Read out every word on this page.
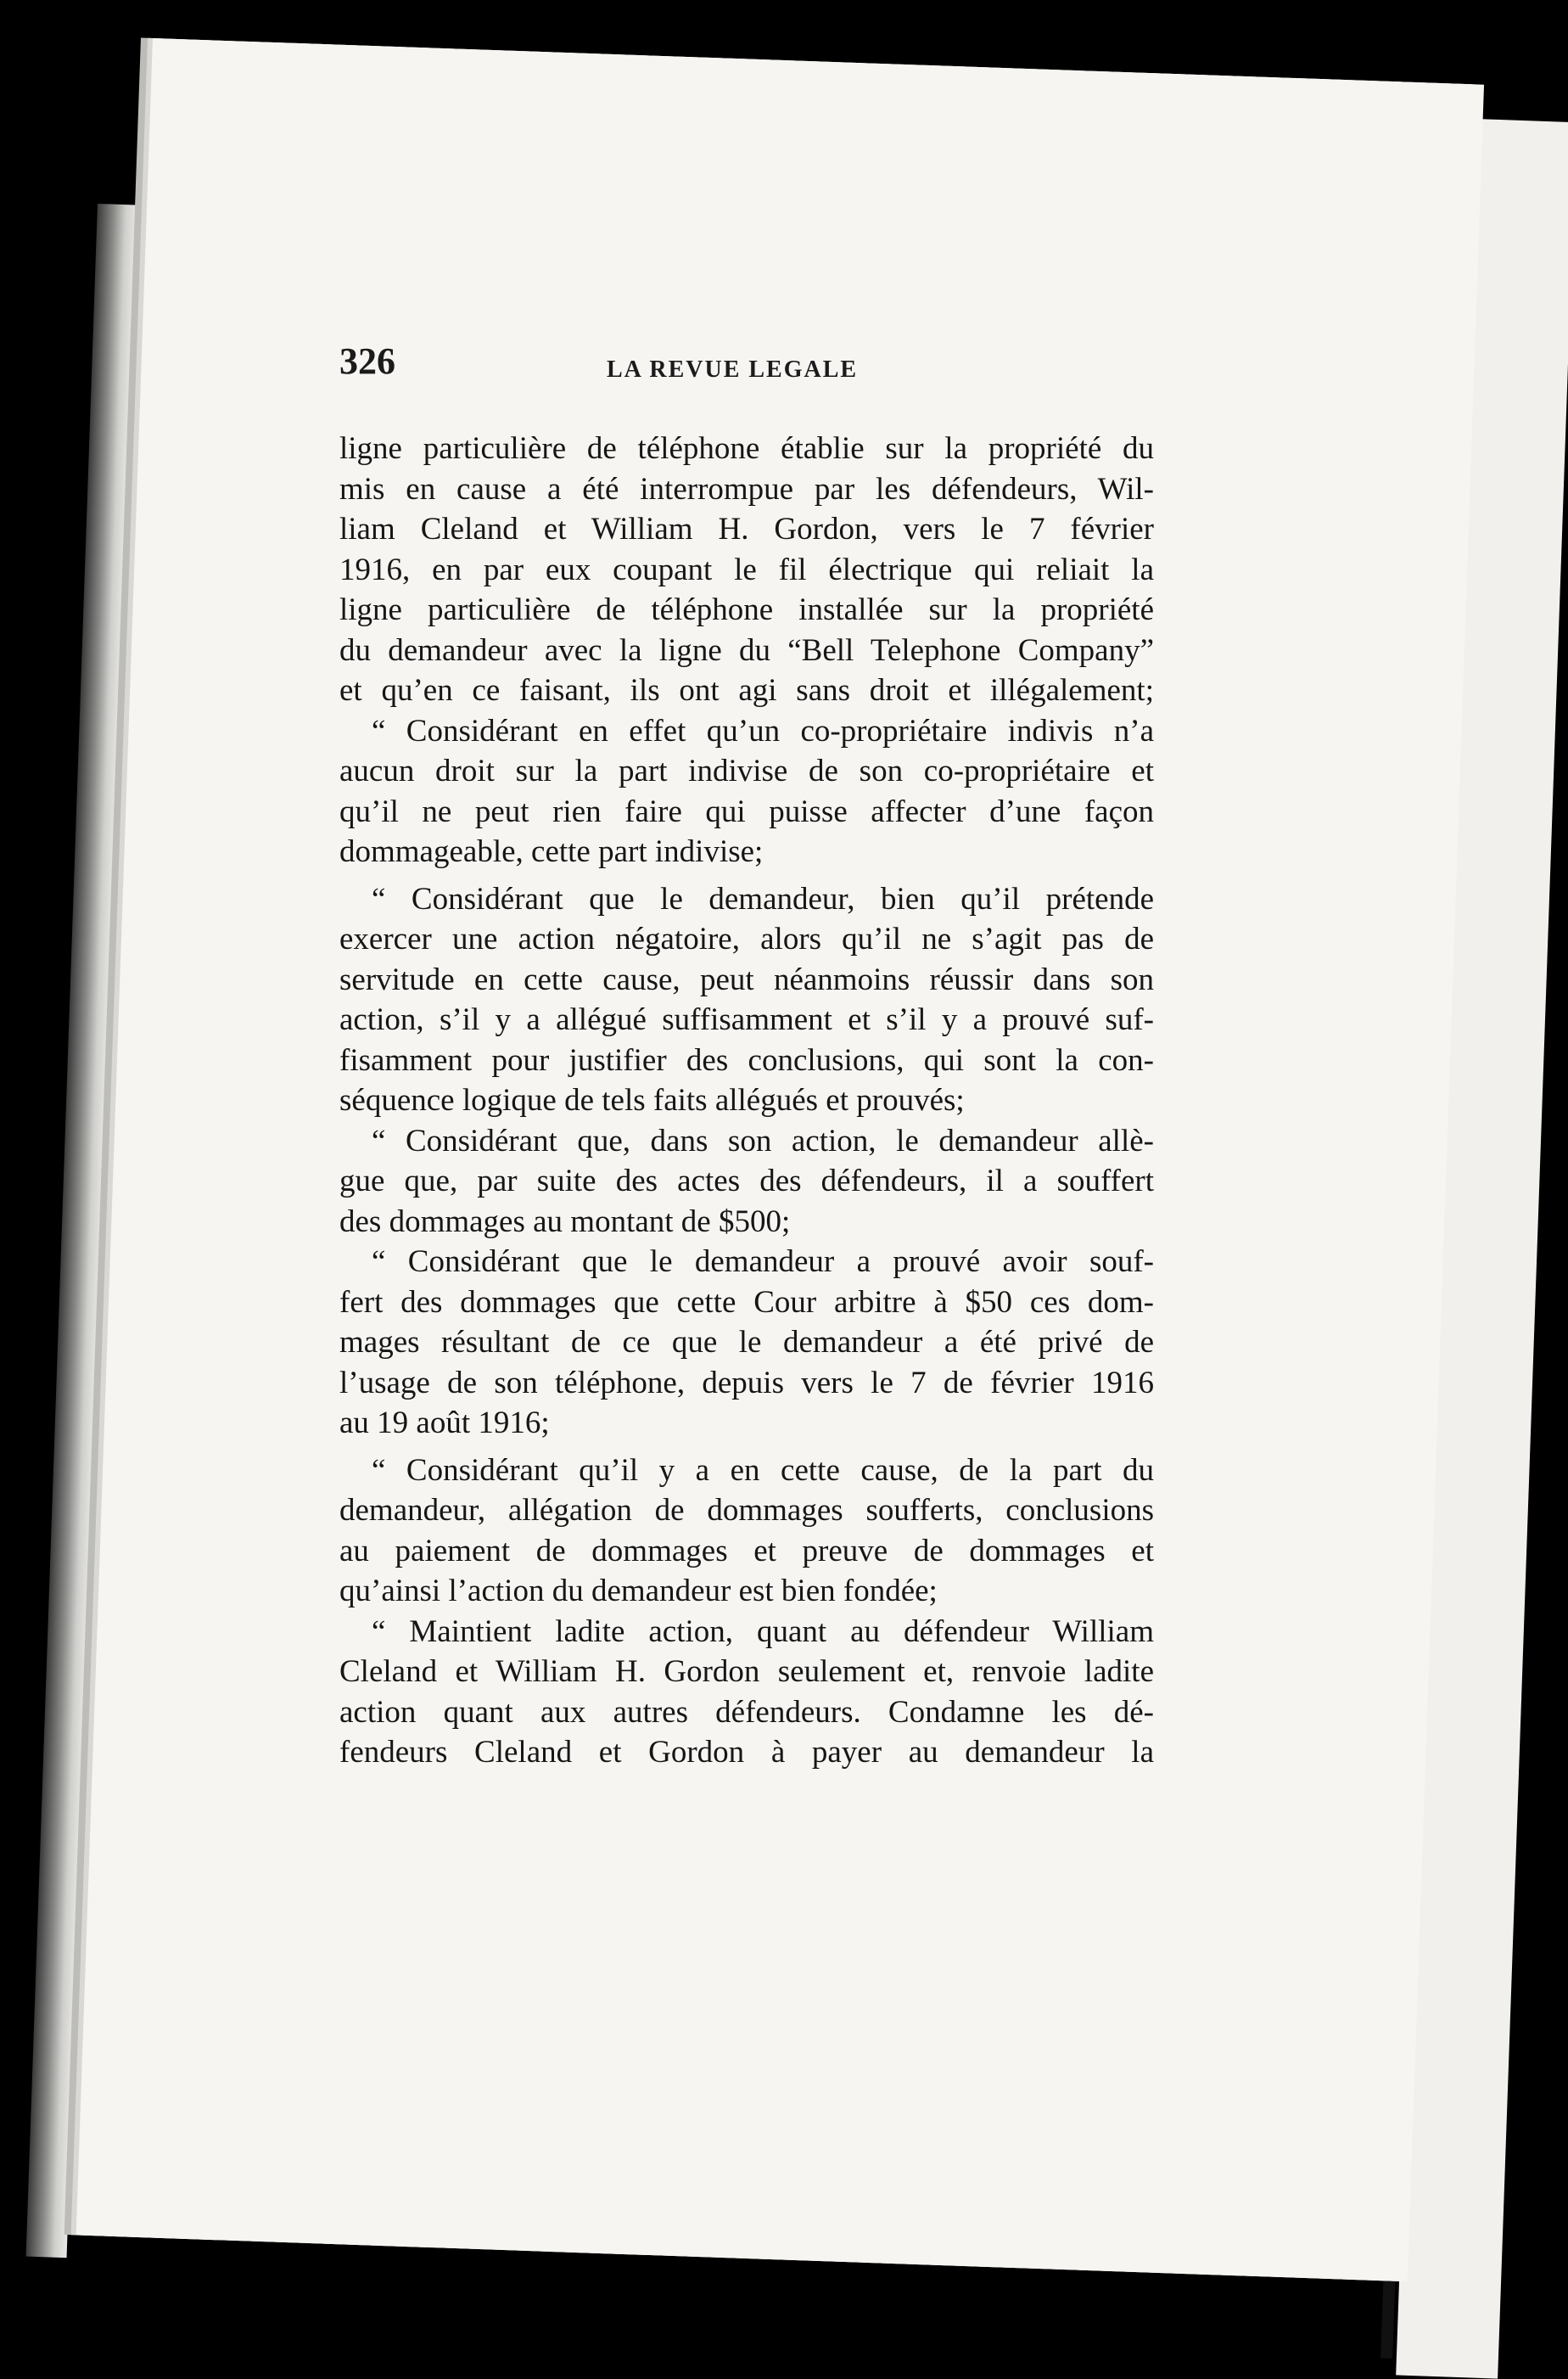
326	LA REVUE LEGALE
ligne particulière de téléphone établie sur la propriété du
mis en cause a été interrompue par les défendeurs, Wil-
liam Cleland et William H. Gordon, vers le 7 février
1916, en par eux coupant le fil électrique qui reliait la
ligne particulière de téléphone installée sur la propriété
du demandeur avec la ligne du “Bell Telephone Company”
et qu’en ce faisant, ils ont agi sans droit et illégalement;
“ Considérant en effet qu’un co-propriétaire indivis n’a
aucun droit sur la part indivise de son co-propriétaire et
qu’il ne peut rien faire qui puisse affecter d’une façon
dommageable, cette part indivise;
“ Considérant que le demandeur, bien qu’il prétende
exercer une action négatoire, alors qu’il ne s’agit pas de
servitude en cette cause, peut néanmoins réussir dans son
action, s’il y a allégué suffisamment et s’il y a prouvé suf-
fisamment pour justifier des conclusions, qui sont la con-
séquence logique de tels faits allégués et prouvés;
“ Considérant que, dans son action, le demandeur allè-
gue que, par suite des actes des défendeurs, il a souffert
des dommages au montant de $500;
“ Considérant que le demandeur a prouvé avoir souf-
fert des dommages que cette Cour arbitre à $50 ces dom-
mages résultant de ce que le demandeur a été privé de
l’usage de son téléphone, depuis vers le 7 de février 1916
au 19 août 1916;
“ Considérant qu’il y a en cette cause, de la part du
demandeur, allégation de dommages soufferts, conclusions
au paiement de dommages et preuve de dommages et
qu’ainsi l’action du demandeur est bien fondée;
“ Maintient ladite action, quant au défendeur William
Cleland et William H. Gordon seulement et, renvoie ladite
action quant aux autres défendeurs. Condamne les dé-
fendeurs Cleland et Gordon à payer au demandeur la
